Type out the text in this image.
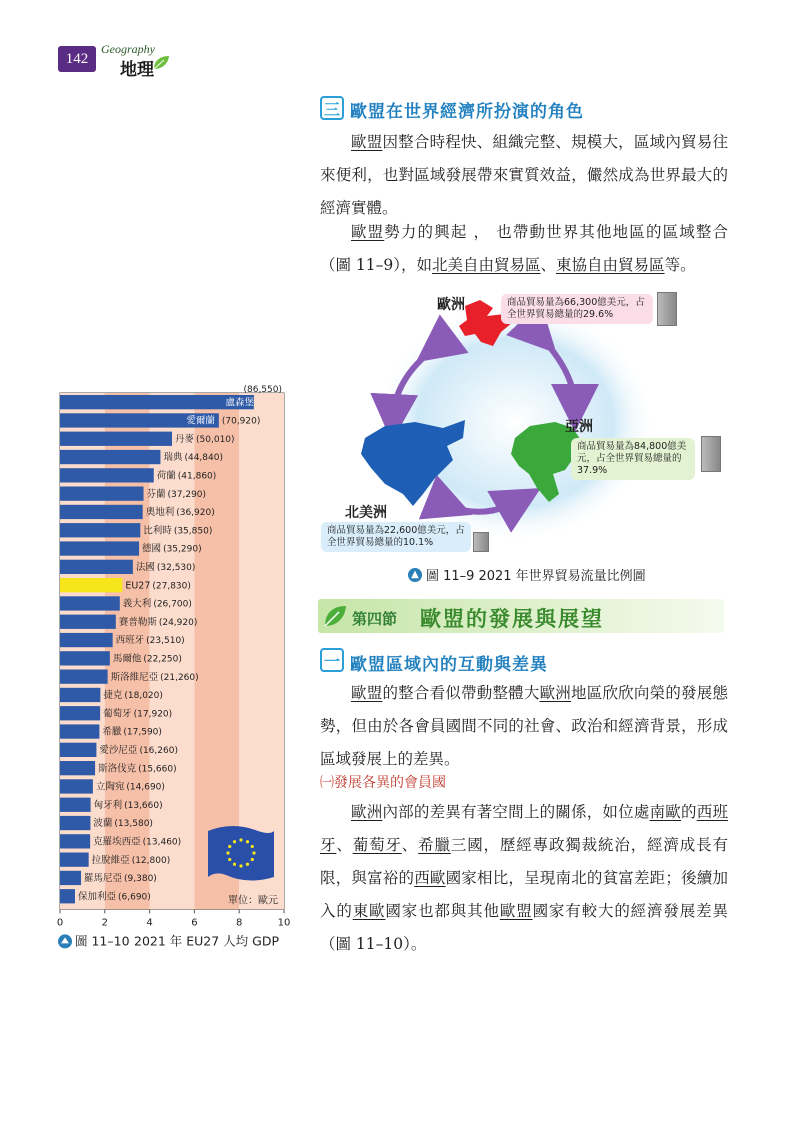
142
Geography
地理
三 歐盟在世界經濟所扮演的角色

歐盟因整合時程快、組織完整、規模大，區域內貿易往來便利，也對區域發展帶來實質效益，儼然成為世界最大的經濟實體。

歐盟勢力的興起 ， 也帶動世界其他地區的區域整合（圖 11–9），如北美自由貿易區、東協自由貿易區等。

歐洲
亞洲
北美洲
商品貿易量為66,300億美元，占全世界貿易總量的29.6%
商品貿易量為84,800億美元，占全世界貿易總量的37.9%
商品貿易量為22,600億美元，占全世界貿易總量的10.1%
▲ 圖 11–9 2021 年世界貿易流量比例圖
第四節 歐盟的發展與展望
一 歐盟區域內的互動與差異

歐盟的整合看似帶動整體大歐洲地區欣欣向榮的發展態勢，但由於各會員國間不同的社會、政治和經濟背景，形成區域發展上的差異。

㈠發展各異的會員國

歐洲內部的差異有著空間上的關係，如位處南歐的西班牙、葡萄牙、希臘三國，歷經專政獨裁統治，經濟成長有限，與富裕的西歐國家相比，呈現南北的貧富差距；後續加入的東歐國家也都與其他歐盟國家有較大的經濟發展差異（圖 11–10）。

盧森堡
(86,550)
愛爾蘭 (70,920)
丹麥 (50,010)
瑞典 (44,840)
荷蘭 (41,860)
芬蘭 (37,290)
奧地利 (36,920)
比利時 (35,850)
德國 (35,290)
法國 (32,530)
EU27 (27,830)
義大利 (26,700)
賽普勒斯 (24,920)
西班牙 (23,510)
馬爾他 (22,250)
斯洛維尼亞 (21,260)
捷克 (18,020)
葡萄牙 (17,920)
希臘 (17,590)
愛沙尼亞 (16,260)
斯洛伐克 (15,660)
立陶宛 (14,690)
匈牙利 (13,660)
波蘭 (13,580)
克羅埃西亞 (13,460)
拉脫維亞 (12,800)
羅馬尼亞 (9,380)
保加利亞 (6,690)
0	2	4	6	8	10
單位：歐元
圖 11–10 2021 年 EU27 人均 GDP
